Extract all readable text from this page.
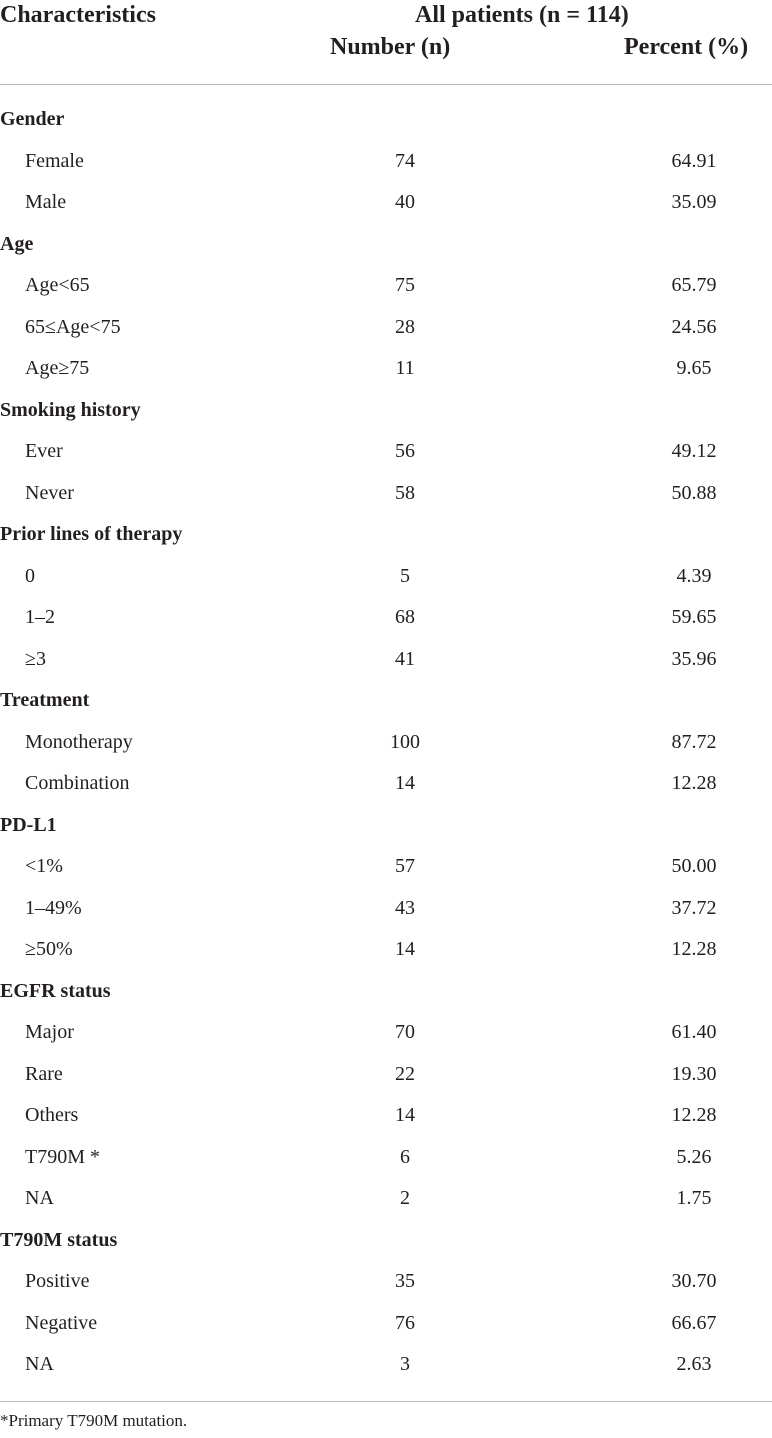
Characteristics	All patients (n = 114)
Number (n)	Percent (%)
Gender
Female	74	64.91
Male	40	35.09
Age
Age<65	75	65.79
65≤Age<75	28	24.56
Age≥75	11	9.65
Smoking history
Ever	56	49.12
Never	58	50.88
Prior lines of therapy
0	5	4.39
1–2	68	59.65
≥3	41	35.96
Treatment
Monotherapy	100	87.72
Combination	14	12.28
PD-L1
<1%	57	50.00
1–49%	43	37.72
≥50%	14	12.28
EGFR status
Major	70	61.40
Rare	22	19.30
Others	14	12.28
T790M *	6	5.26
NA	2	1.75
T790M status
Positive	35	30.70
Negative	76	66.67
NA	3	2.63
*Primary T790M mutation.
